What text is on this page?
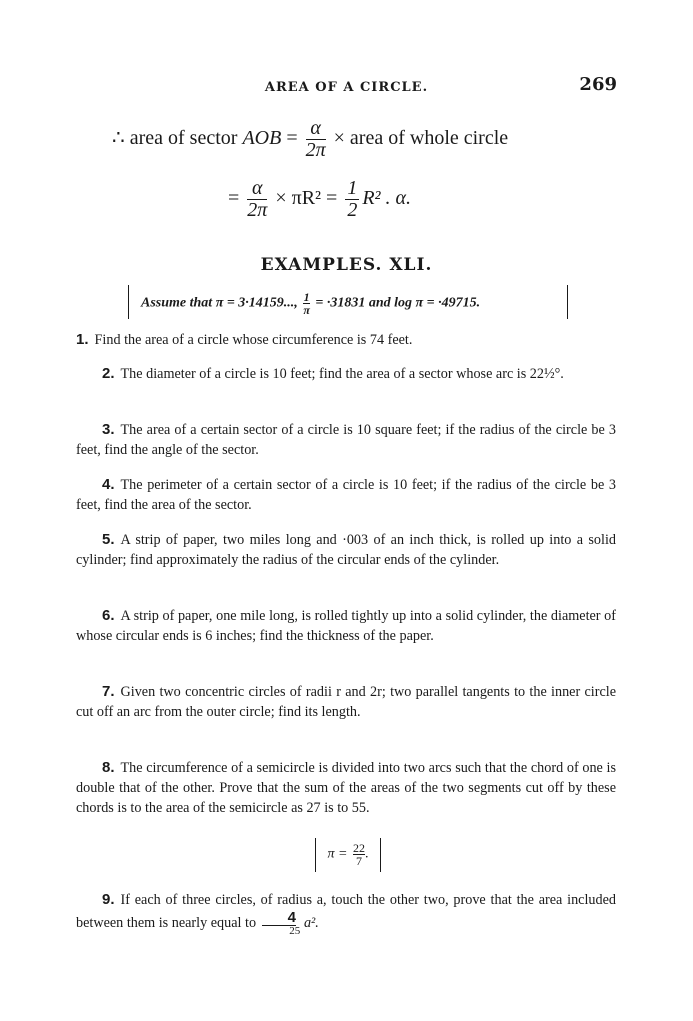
AREA OF A CIRCLE.	269
∴ area of sector AOB = $\frac{\alpha}{2\pi}$ × area of whole circle
= $\frac{\alpha}{2\pi} \times \pi R^2 = \frac{1}{2} R^2$ . α.
EXAMPLES. XLI.
Assume that π = 3·14159..., $\frac{1}{\pi} = \cdot 31831$ and log π = ·49715.

1. Find the area of a circle whose circumference is 74 feet.

2. The diameter of a circle is 10 feet; find the area of a sector whose arc is 22½°.

3. The area of a certain sector of a circle is 10 square feet; if the radius of the circle be 3 feet, find the angle of the sector.

4. The perimeter of a certain sector of a circle is 10 feet; if the radius of the circle be 3 feet, find the area of the sector.

5. A strip of paper, two miles long and ·003 of an inch thick, is rolled up into a solid cylinder; find approximately the radius of the circular ends of the cylinder.

6. A strip of paper, one mile long, is rolled tightly up into a solid cylinder, the diameter of whose circular ends is 6 inches; find the thickness of the paper.

7. Given two concentric circles of radii r and 2r; two parallel tangents to the inner circle cut off an arc from the outer circle; find its length.

8. The circumference of a semicircle is divided into two arcs such that the chord of one is double that of the other. Prove that the sum of the areas of the two segments cut off by these chords is to the area of the semicircle as 27 is to 55.

9. If each of three circles, of radius a, touch the other two, prove that the area included between them is nearly equal to $\frac{4}{25} a^2$.

$\pi = \frac{22}{7}$ .
